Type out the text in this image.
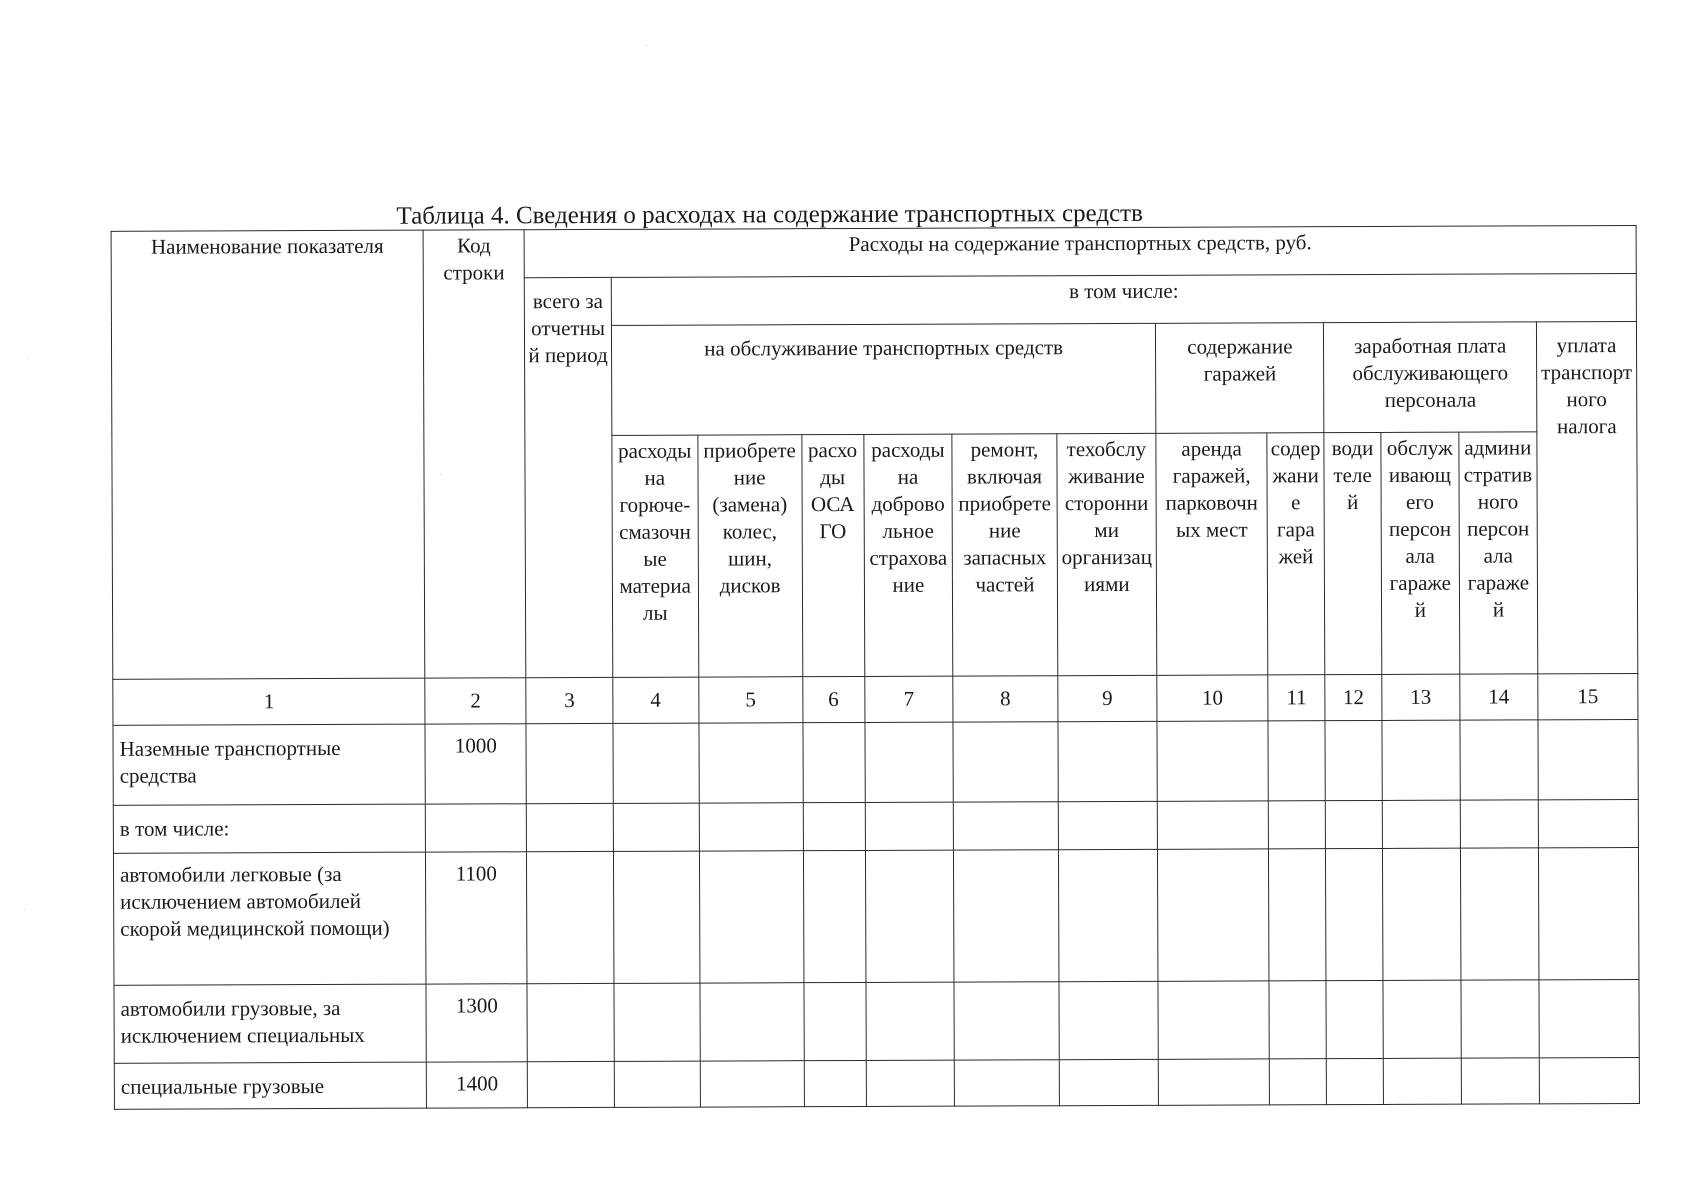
Таблица 4. Сведения о расходах на содержание транспортных средств
Наименование показателя	Код строки	Расходы на содержание транспортных средств, руб.												
		всего за отчетный период	в том числе:											
			на обслуживание транспортных средств						содержание гаражей		заработная плата обслуживающего персонала			уплата транспортного налога
			расходы на горюче-смазочные материалы	приобретение (замена) колес, шин, дисков	расходы ОСАГО	расходы на добровольное страхование	ремонт, включая приобретение запасных частей	техобслуживание сторонними организациями	аренда гаражей, парковочных мест	содержание гаражей	водителей	обслуживающего персонала гаражей	административного персонала гаражей	
1	2	3	4	5	6	7	8	9	10	11	12	13	14	15
Наземные транспортные средства	1000													
в том числе:														
автомобили легковые (за исключением автомобилей скорой медицинской помощи)	1100													
автомобили грузовые, за исключением специальных	1300													
специальные грузовые	1400													
.
.
.
.
